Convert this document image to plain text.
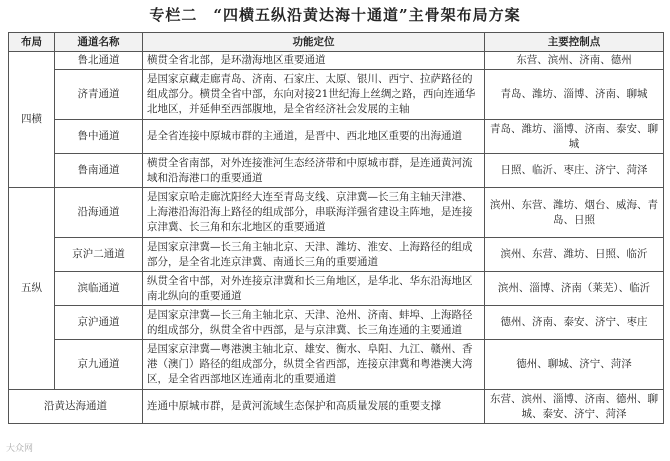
专栏二　“四横五纵沿黄达海十通道”主骨架布局方案
布局	通道名称	功能定位	主要控制点
四横	鲁北通道	横贯全省北部，是环渤海地区重要通道	东营、滨州、济南、德州
	济青通道	是国家京藏走廊青岛、济南、石家庄、太原、银川、西宁、拉萨路径的组成部分。横贯全省中部，东向对接21世纪海上丝绸之路，西向连通华北地区，并延伸至西部腹地，是全省经济社会发展的主轴	青岛、潍坊、淄博、济南、聊城
	鲁中通道	是全省连接中原城市群的主通道，是晋中、西北地区重要的出海通道	青岛、潍坊、淄博、济南、泰安、聊城
	鲁南通道	横贯全省南部，对外连接淮河生态经济带和中原城市群，是连通黄河流域和沿海港口的重要通道	日照、临沂、枣庄、济宁、菏泽
五纵	沿海通道	是国家京哈走廊沈阳经大连至青岛支线、京津冀—长三角主轴天津港、上海港沿海沿海上路径的组成部分，串联海洋强省建设主阵地，是连接京津冀、长三角和东北地区的重要通道	滨州、东营、潍坊、烟台、威海、青岛、日照
	京沪二通道	是国家京津冀—长三角主轴北京、天津、潍坊、淮安、上海路径的组成部分，是全省北连京津冀、南通长三角的重要通道	滨州、东营、潍坊、日照、临沂
	滨临通道	纵贯全省中部，对外连接京津冀和长三角地区，是华北、华东沿海地区南北纵向的重要通道	滨州、淄博、济南（莱芜）、临沂
	京沪通道	是国家京津冀—长三角主轴北京、天津、沧州、济南、蚌埠、上海路径的组成部分，纵贯全省中西部，是与京津冀、长三角连通的主要通道	德州、济南、泰安、济宁、枣庄
	京九通道	是国家京津冀—粤港澳主轴北京、雄安、衡水、阜阳、九江、赣州、香港（澳门）路径的组成部分，纵贯全省西部，连接京津冀和粤港澳大湾区，是全省西部地区连通南北的重要通道	德州、聊城、济宁、菏泽
沿黄达海通道		连通中原城市群，是黄河流域生态保护和高质量发展的重要支撑	东营、滨州、淄博、济南、德州、聊城、泰安、济宁、菏泽
大众网
